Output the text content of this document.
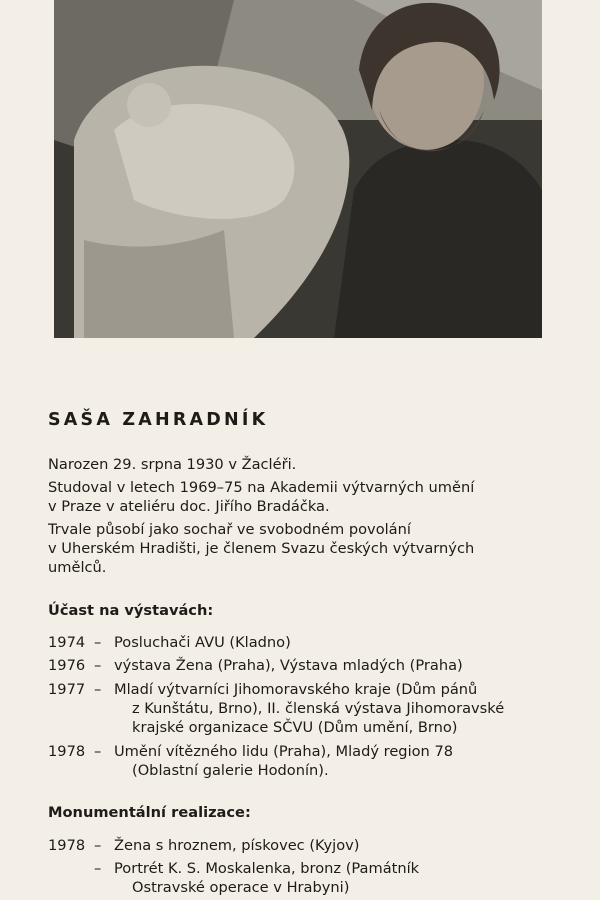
SAŠA ZAHRADNÍK
Narozen 29. srpna 1930 v Žacléři.
Studoval v letech 1969–75 na Akademii výtvarných umění
v Praze v ateliéru doc. Jiřího Bradáčka.
Trvale působí jako sochař ve svobodném povolání
v Uherském Hradišti, je členem Svazu českých výtvarných
umělců.
Účast na výstavách:
1974 – Posluchači AVU (Kladno)
1976 – výstava Žena (Praha), Výstava mladých (Praha)
1977 – Mladí výtvarníci Jihomoravského kraje (Dům pánů
z Kunštátu, Brno), II. členská výstava Jihomoravské
krajské organizace SČVU (Dům umění, Brno)
1978 – Umění vítězného lidu (Praha), Mladý region 78
(Oblastní galerie Hodonín).
Monumentální realizace:
1978 – Žena s hroznem, pískovec (Kyjov)
– Portrét K. S. Moskalenka, bronz (Památník
Ostravské operace v Hrabyni)
